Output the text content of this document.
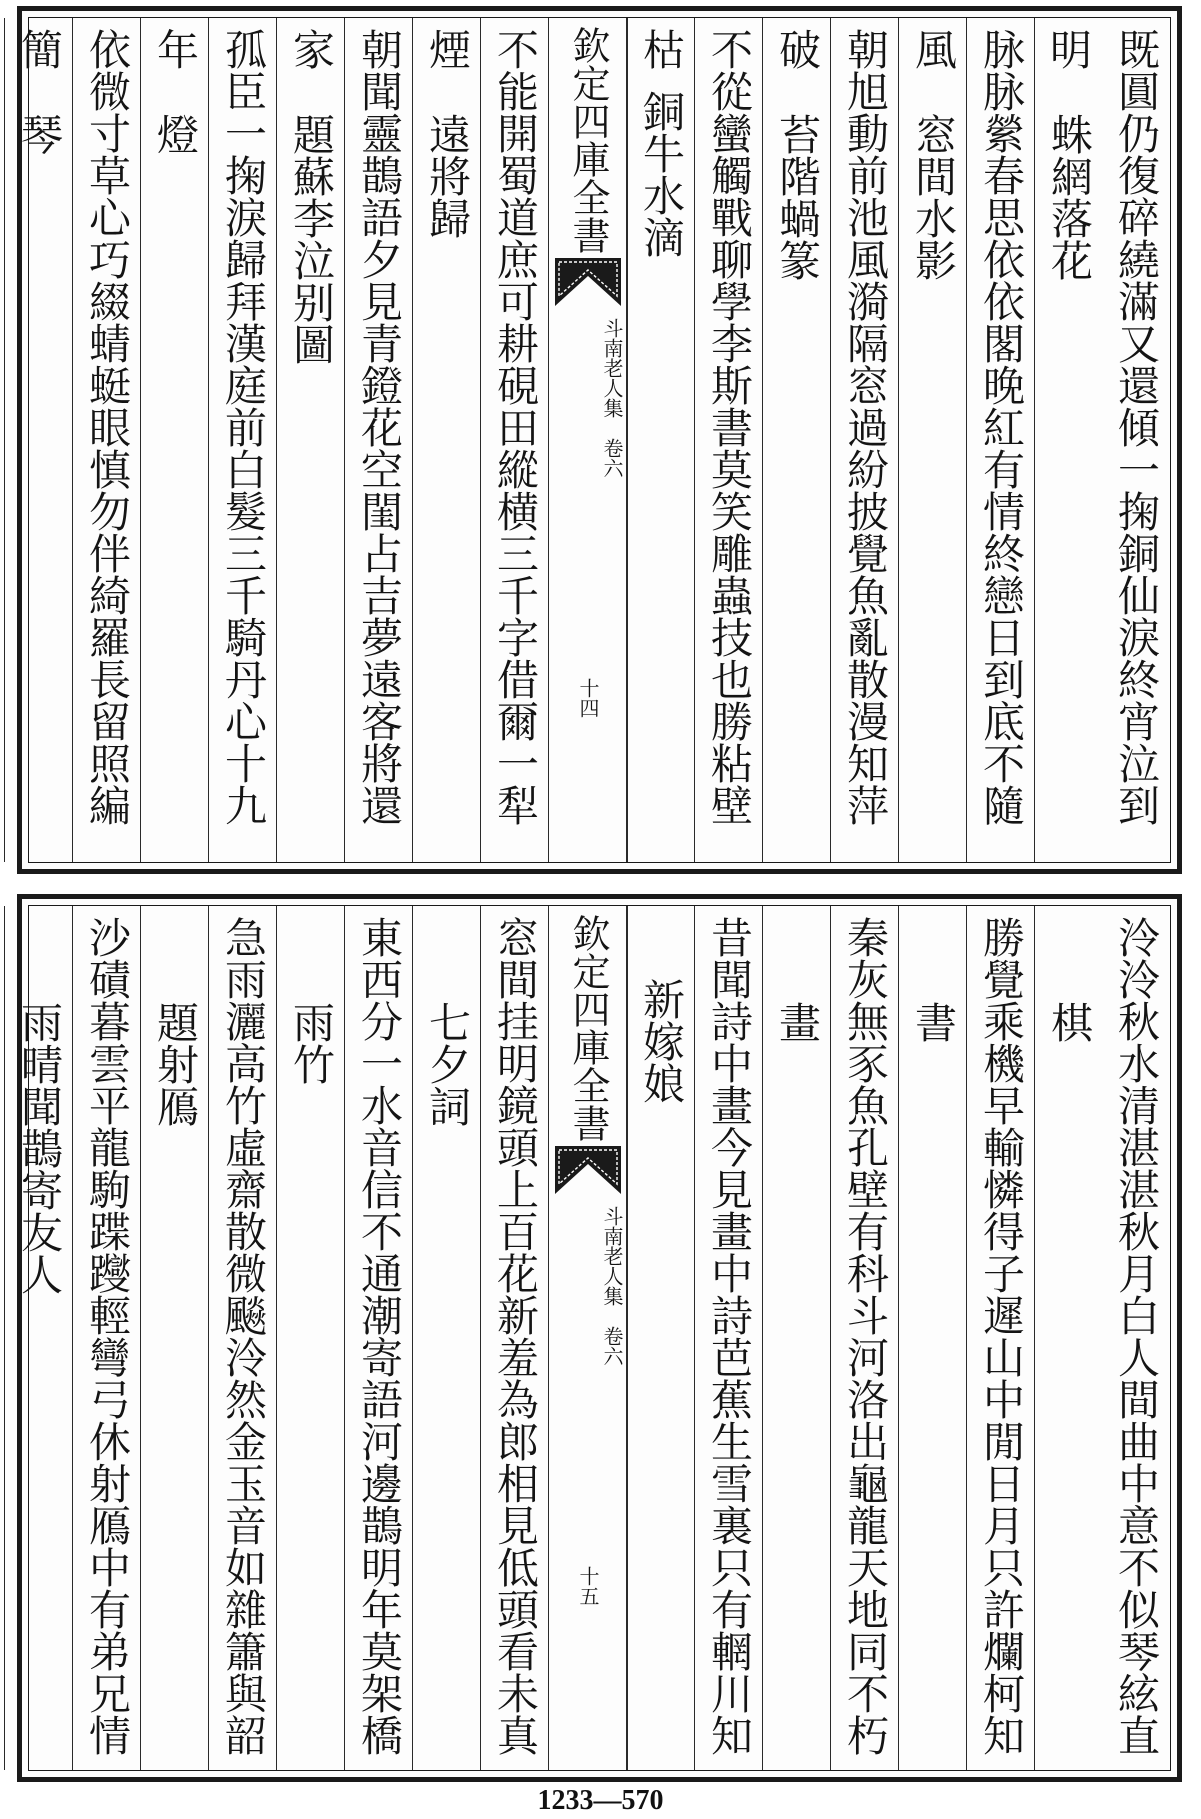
既圓仍復碎繞滿又還傾一掬銅仙淚終宵泣到明
蛛網落花
脉脉縈春思依依閣晚紅有情終戀日到底不隨風
窓間水影
朝旭動前池風漪隔窓過紛披覺魚亂散漫知萍破
苔階蝸篆
不從蠻觸戰聊學李斯書莫笑雕蟲技也勝粘壁枯
銅牛水滴
欽定四庫全書
斗南老人集　卷六
十四
不能開蜀道庶可耕硯田縱横三千字借爾一犁煙
遠將歸
朝聞靈鵲語夕見青鐙花空閨占吉夢遠客將還家
題蘇李泣别圖
孤臣一掬淚歸拜漢庭前白髮三千騎丹心十九年
燈
依微寸草心巧綴蜻蜓眼慎勿伴綺羅長留照編簡
琴
泠泠秋水清湛湛秋月白人間曲中意不似琴絃直
棋
勝覺乘機早輸憐得子遲山中閒日月只許爛柯知
書
秦灰無豕魚孔壁有科斗河洛出龜龍天地同不朽
畫
昔聞詩中畫今見畫中詩芭蕉生雪裏只有輞川知
新嫁娘
欽定四庫全書
斗南老人集　卷六
十五
窓間挂明鏡頭上百花新羞為郎相見低頭看未真
七夕詞
東西分一水音信不通潮寄語河邊鵲明年莫架橋
雨竹
急雨灑高竹虛齋散微飈泠然金玉音如雜簫與韶
題射鴈
沙磧暮雲平龍駒蹀躞輕彎弓休射鴈中有弟兄情
雨晴聞鵲寄友人
1233—570
